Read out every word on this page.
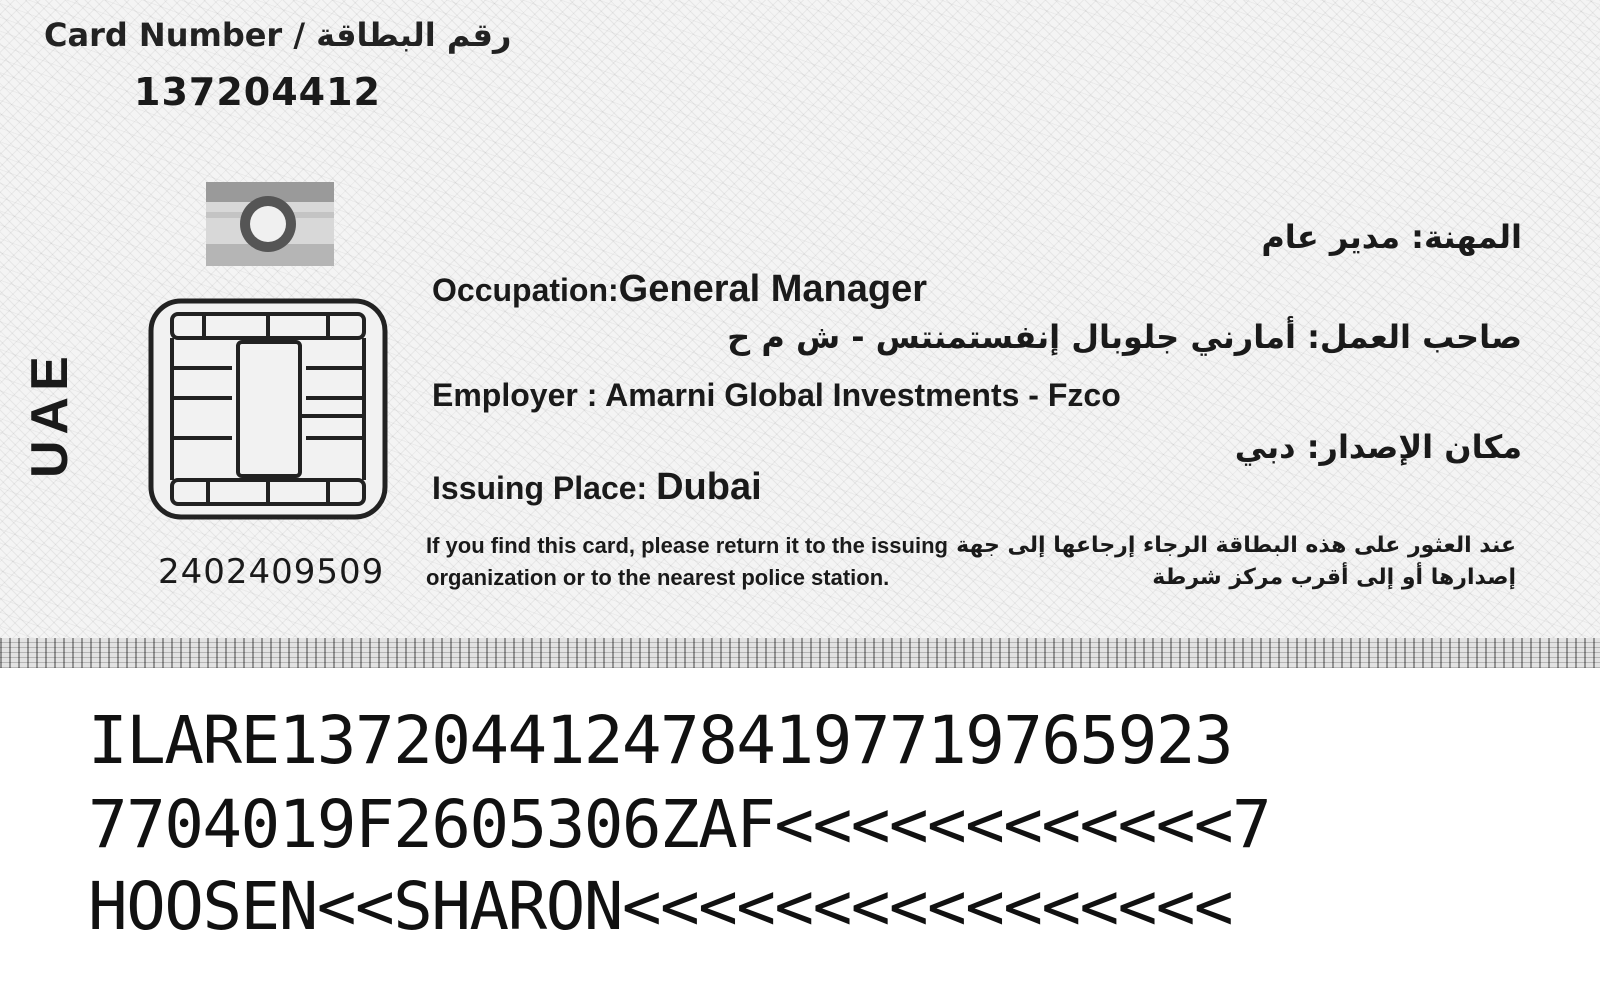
Card Number / رقم البطاقة
137204412
2402409509
UAE
المهنة: مدير عام
Occupation:General Manager
صاحب العمل: أمارني جلوبال إنفستمنتس - ش م ح
Employer : Amarni Global Investments - Fzco
مكان الإصدار: دبي
Issuing Place: Dubai
If you find this card, please return it to the issuing
organization or to the nearest police station.
عند العثور على هذه البطاقة الرجاء إرجاعها إلى جهة
إصدارها أو إلى أقرب مركز شرطة
ILARE1372044124784197719765923
7704019F2605306ZAF<<<<<<<<<<<<7
HOOSEN<<SHARON<<<<<<<<<<<<<<<<
